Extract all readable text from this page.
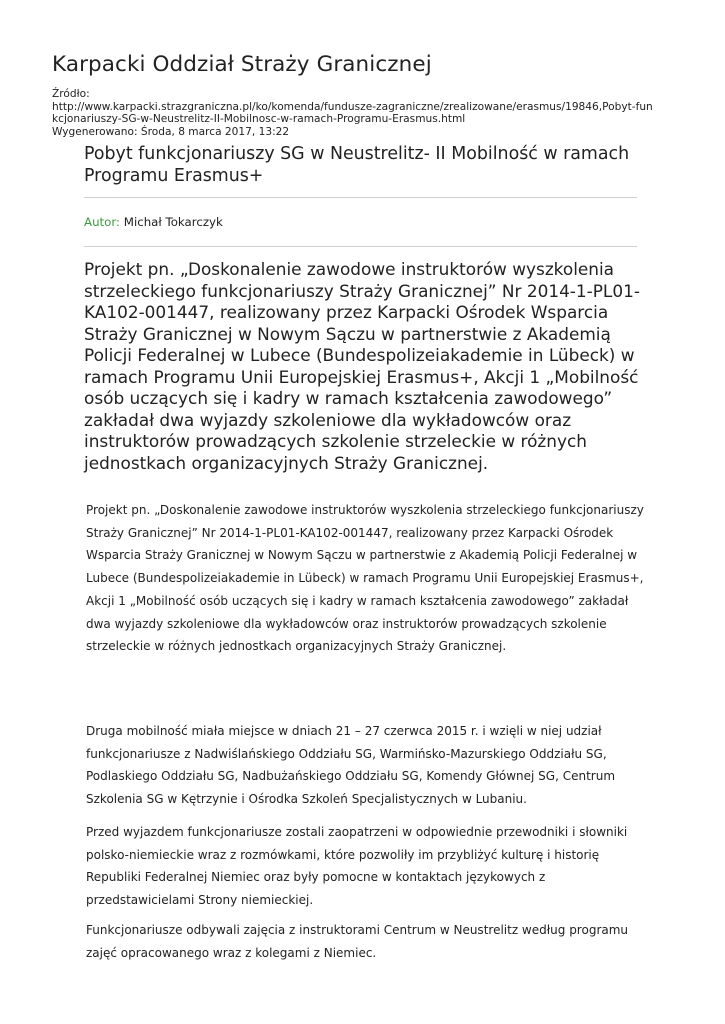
Karpacki Oddział Straży Granicznej
Źródło:
http://www.karpacki.strazgraniczna.pl/ko/komenda/fundusze-zagraniczne/zrealizowane/erasmus/19846,Pobyt-fun
kcjonariuszy-SG-w-Neustrelitz-II-Mobilnosc-w-ramach-Programu-Erasmus.html
Wygenerowano: Środa, 8 marca 2017, 13:22
Pobyt funkcjonariuszy SG w Neustrelitz- II Mobilność w ramach Programu Erasmus+
Autor: Michał Tokarczyk
Projekt pn. „Doskonalenie zawodowe instruktorów wyszkolenia strzeleckiego funkcjonariuszy Straży Granicznej” Nr 2014-1-PL01-KA102-001447, realizowany przez Karpacki Ośrodek Wsparcia Straży Granicznej w Nowym Sączu w partnerstwie z Akademią Policji Federalnej w Lubece (Bundespolizeiakademie in Lübeck) w ramach Programu Unii Europejskiej Erasmus+, Akcji 1 „Mobilność osób uczących się i kadry w ramach kształcenia zawodowego” zakładał dwa wyjazdy szkoleniowe dla wykładowców oraz instruktorów prowadzących szkolenie strzeleckie w różnych jednostkach organizacyjnych Straży Granicznej.
Projekt pn. „Doskonalenie zawodowe instruktorów wyszkolenia strzeleckiego funkcjonariuszy Straży Granicznej” Nr 2014-1-PL01-KA102-001447, realizowany przez Karpacki Ośrodek Wsparcia Straży Granicznej w Nowym Sączu w partnerstwie z Akademią Policji Federalnej w Lubece (Bundespolizeiakademie in Lübeck) w ramach Programu Unii Europejskiej Erasmus+, Akcji 1 „Mobilność osób uczących się i kadry w ramach kształcenia zawodowego” zakładał dwa wyjazdy szkoleniowe dla wykładowców oraz instruktorów prowadzących szkolenie strzeleckie w różnych jednostkach organizacyjnych Straży Granicznej.
Druga mobilność miała miejsce w dniach 21 – 27 czerwca 2015 r. i wzięli w niej udział funkcjonariusze z Nadwiślańskiego Oddziału SG, Warmińsko-Mazurskiego Oddziału SG, Podlaskiego Oddziału SG, Nadbużańskiego Oddziału SG, Komendy Głównej SG, Centrum Szkolenia SG w Kętrzynie i Ośrodka Szkoleń Specjalistycznych w Lubaniu.
Przed wyjazdem funkcjonariusze zostali zaopatrzeni w odpowiednie przewodniki i słowniki polsko-niemieckie wraz z rozmówkami, które pozwoliły im przybliżyć kulturę i historię Republiki Federalnej Niemiec oraz były pomocne w kontaktach językowych z przedstawicielami Strony niemieckiej.
Funkcjonariusze odbywali zajęcia z instruktorami Centrum w Neustrelitz według programu zajęć opracowanego wraz z kolegami z Niemiec.
